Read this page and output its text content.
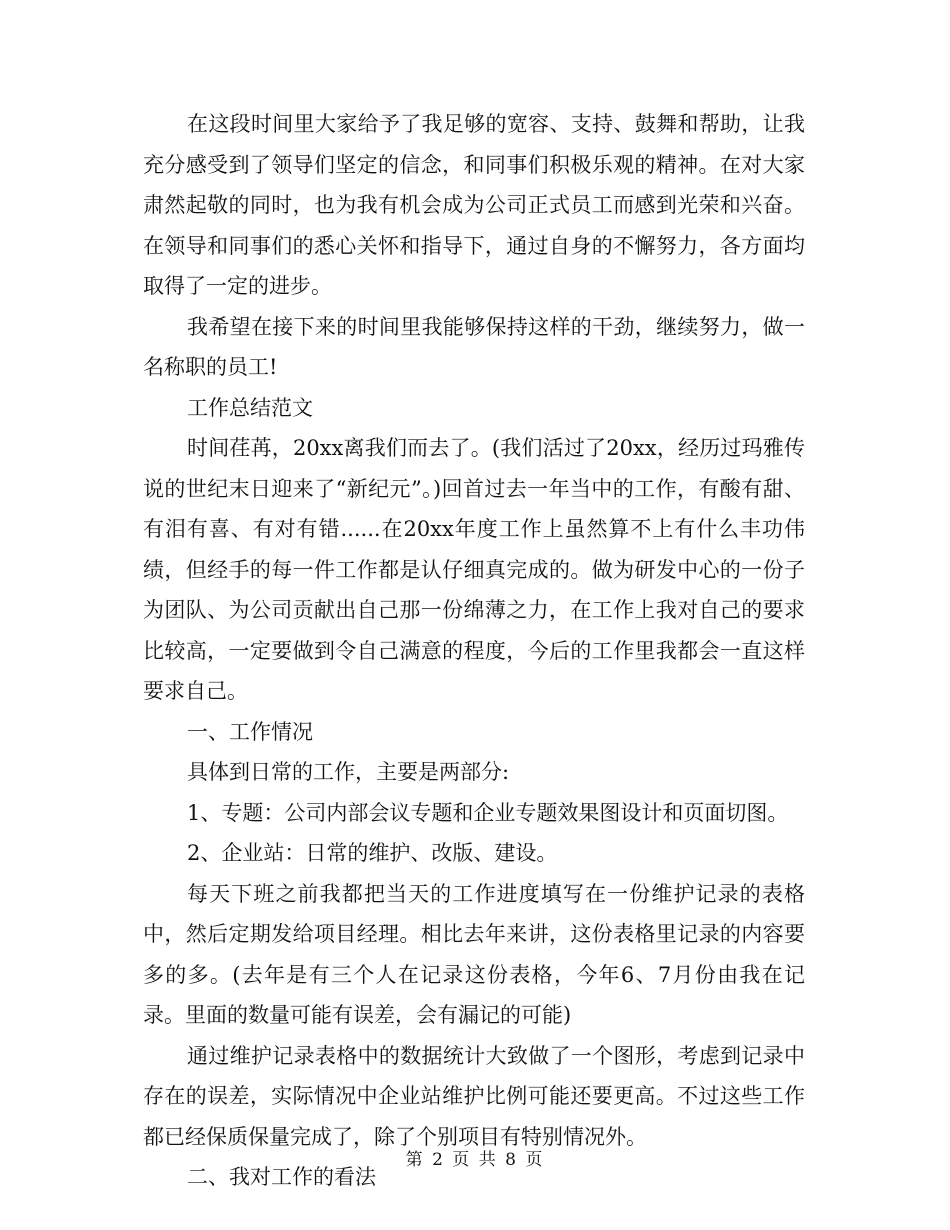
在这段时间里大家给予了我足够的宽容、支持、鼓舞和帮助，让我充分感受到了领导们坚定的信念，和同事们积极乐观的精神。在对大家肃然起敬的同时，也为我有机会成为公司正式员工而感到光荣和兴奋。在领导和同事们的悉心关怀和指导下，通过自身的不懈努力，各方面均取得了一定的进步。

我希望在接下来的时间里我能够保持这样的干劲，继续努力，做一名称职的员工!

工作总结范文

时间荏苒，20xx离我们而去了。(我们活过了20xx，经历过玛雅传说的世纪末日迎来了“新纪元”。)回首过去一年当中的工作，有酸有甜、有泪有喜、有对有错......在20xx年度工作上虽然算不上有什么丰功伟绩，但经手的每一件工作都是认仔细真完成的。做为研发中心的一份子为团队、为公司贡献出自己那一份绵薄之力，在工作上我对自己的要求比较高，一定要做到令自己满意的程度，今后的工作里我都会一直这样要求自己。

一、工作情况

具体到日常的工作，主要是两部分:

1、专题：公司内部会议专题和企业专题效果图设计和页面切图。

2、企业站：日常的维护、改版、建设。

每天下班之前我都把当天的工作进度填写在一份维护记录的表格中，然后定期发给项目经理。相比去年来讲，这份表格里记录的内容要多的多。(去年是有三个人在记录这份表格，今年6、7月份由我在记录。里面的数量可能有误差，会有漏记的可能)

通过维护记录表格中的数据统计大致做了一个图形，考虑到记录中存在的误差，实际情况中企业站维护比例可能还要更高。不过这些工作都已经保质保量完成了，除了个别项目有特别情况外。

二、我对工作的看法

第 2 页 共 8 页
